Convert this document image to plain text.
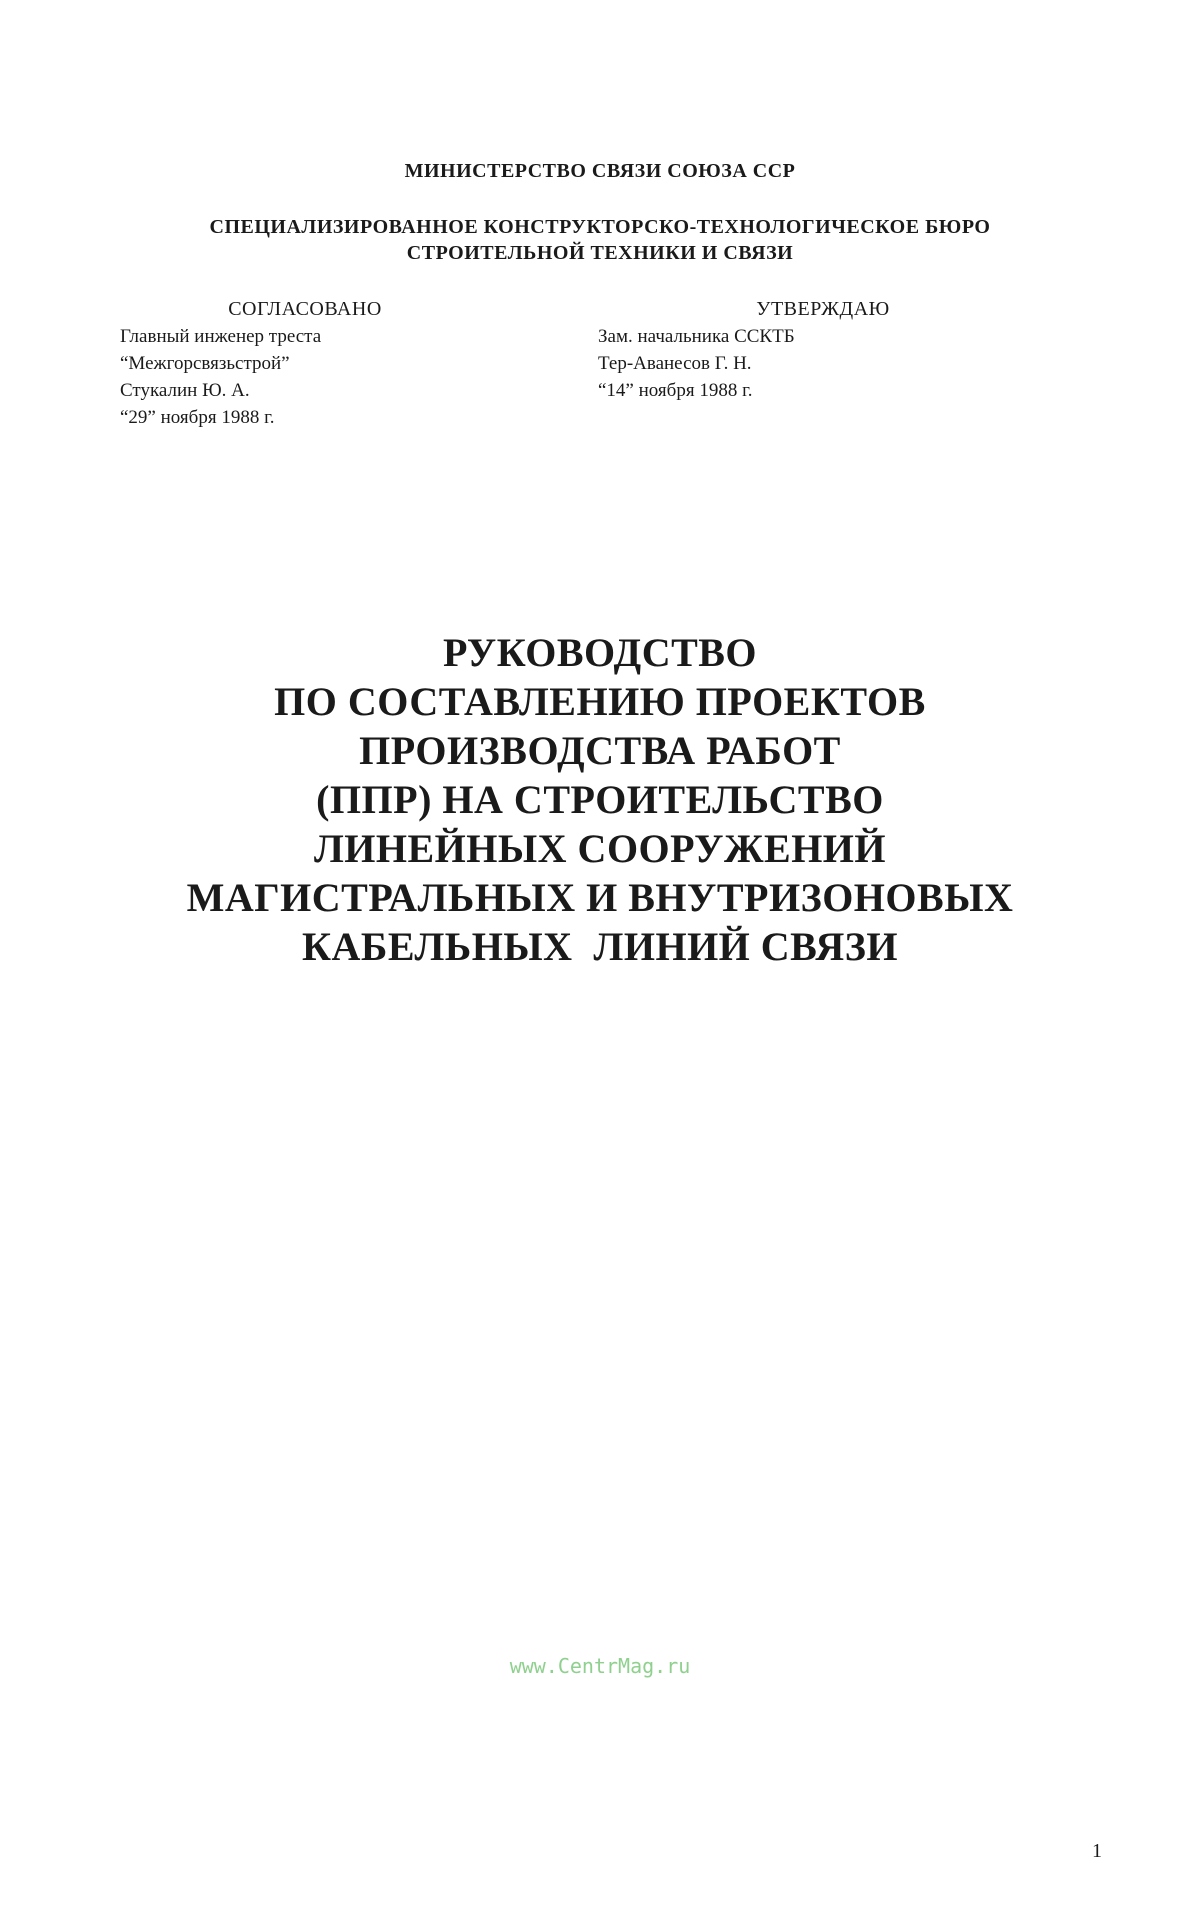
МИНИСТЕРСТВО СВЯЗИ СОЮЗА ССР
СПЕЦИАЛИЗИРОВАННОЕ КОНСТРУКТОРСКО-ТЕХНОЛОГИЧЕСКОЕ БЮРО
СТРОИТЕЛЬНОЙ ТЕХНИКИ И СВЯЗИ
СОГЛАСОВАНО
Главный инженер треста
“Межгорсвязьстрой”
Стукалин Ю. А.
“29” ноября 1988 г.
УТВЕРЖДАЮ
Зам. начальника ССКТБ
Тер-Аванесов Г. Н.
“14” ноября 1988 г.
РУКОВОДСТВО
ПО СОСТАВЛЕНИЮ ПРОЕКТОВ
ПРОИЗВОДСТВА РАБОТ
(ППР) НА СТРОИТЕЛЬСТВО
ЛИНЕЙНЫХ СООРУЖЕНИЙ
МАГИСТРАЛЬНЫХ И ВНУТРИЗОНОВЫХ
КАБЕЛЬНЫХ  ЛИНИЙ СВЯЗИ
www.CentrMag.ru
1
